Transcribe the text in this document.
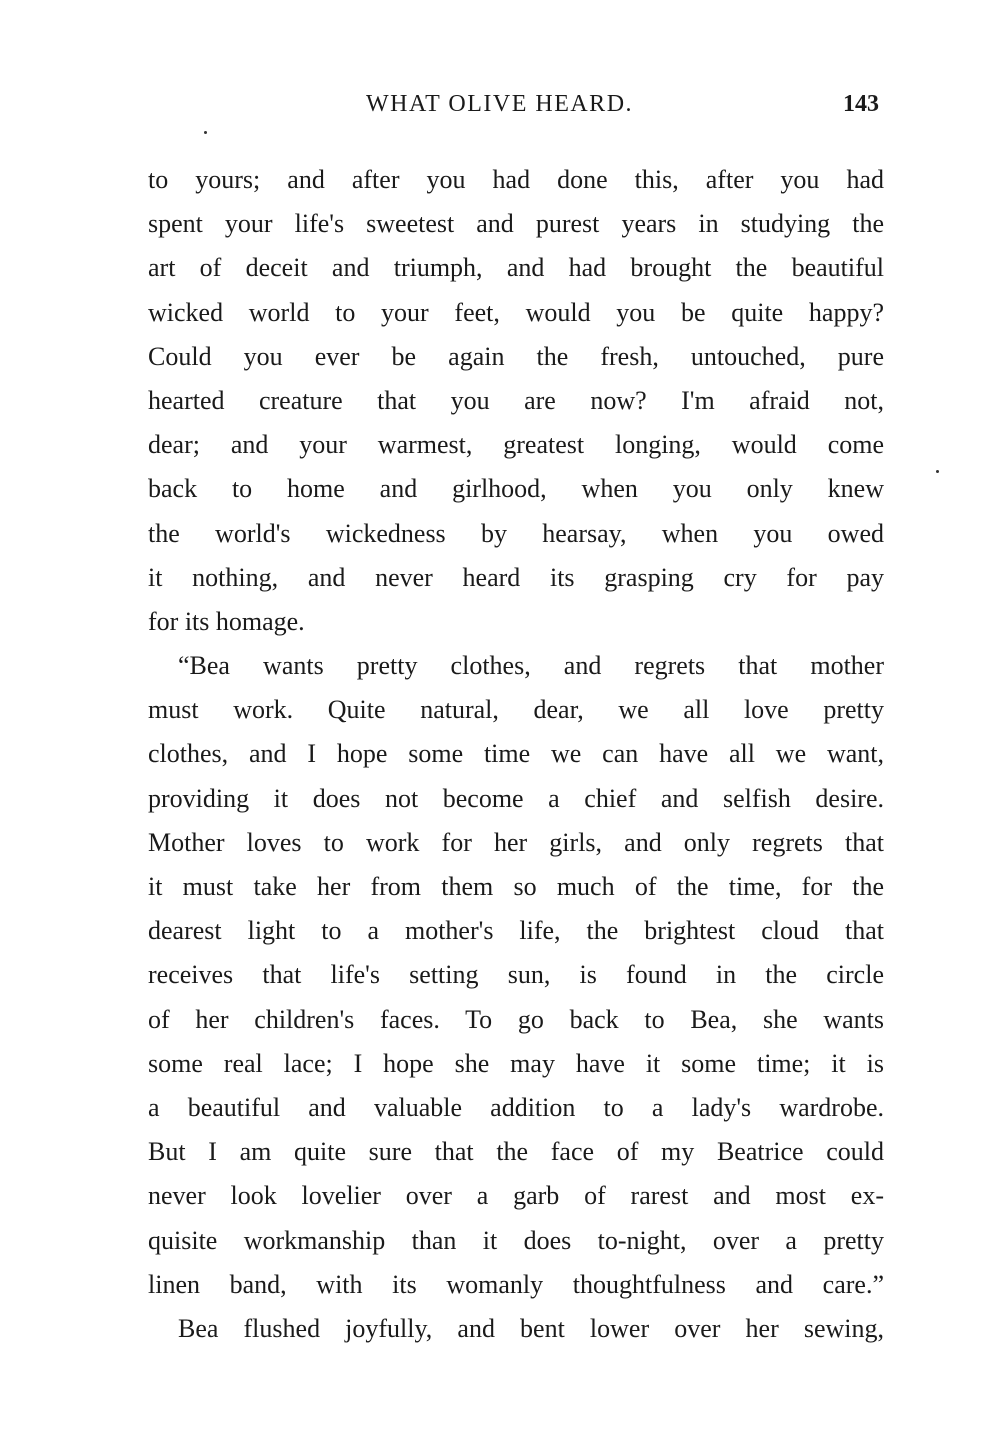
WHAT OLIVE HEARD.	143
to yours; and after you had done this, after you had
spent your life's sweetest and purest years in studying the
art of deceit and triumph, and had brought the beautiful
wicked world to your feet, would you be quite happy?
Could you ever be again the fresh, untouched, pure
hearted creature that you are now? I'm afraid not,
dear; and your warmest, greatest longing, would come
back to home and girlhood, when you only knew
the world's wickedness by hearsay, when you owed
it nothing, and never heard its grasping cry for pay
for its homage.
“Bea wants pretty clothes, and regrets that mother
must work. Quite natural, dear, we all love pretty
clothes, and I hope some time we can have all we want,
providing it does not become a chief and selfish desire.
Mother loves to work for her girls, and only regrets that
it must take her from them so much of the time, for the
dearest light to a mother's life, the brightest cloud that
receives that life's setting sun, is found in the circle
of her children's faces. To go back to Bea, she wants
some real lace; I hope she may have it some time; it is
a beautiful and valuable addition to a lady's wardrobe.
But I am quite sure that the face of my Beatrice could
never look lovelier over a garb of rarest and most ex-
quisite workmanship than it does to-night, over a pretty
linen band, with its womanly thoughtfulness and care.”
Bea flushed joyfully, and bent lower over her sewing,
